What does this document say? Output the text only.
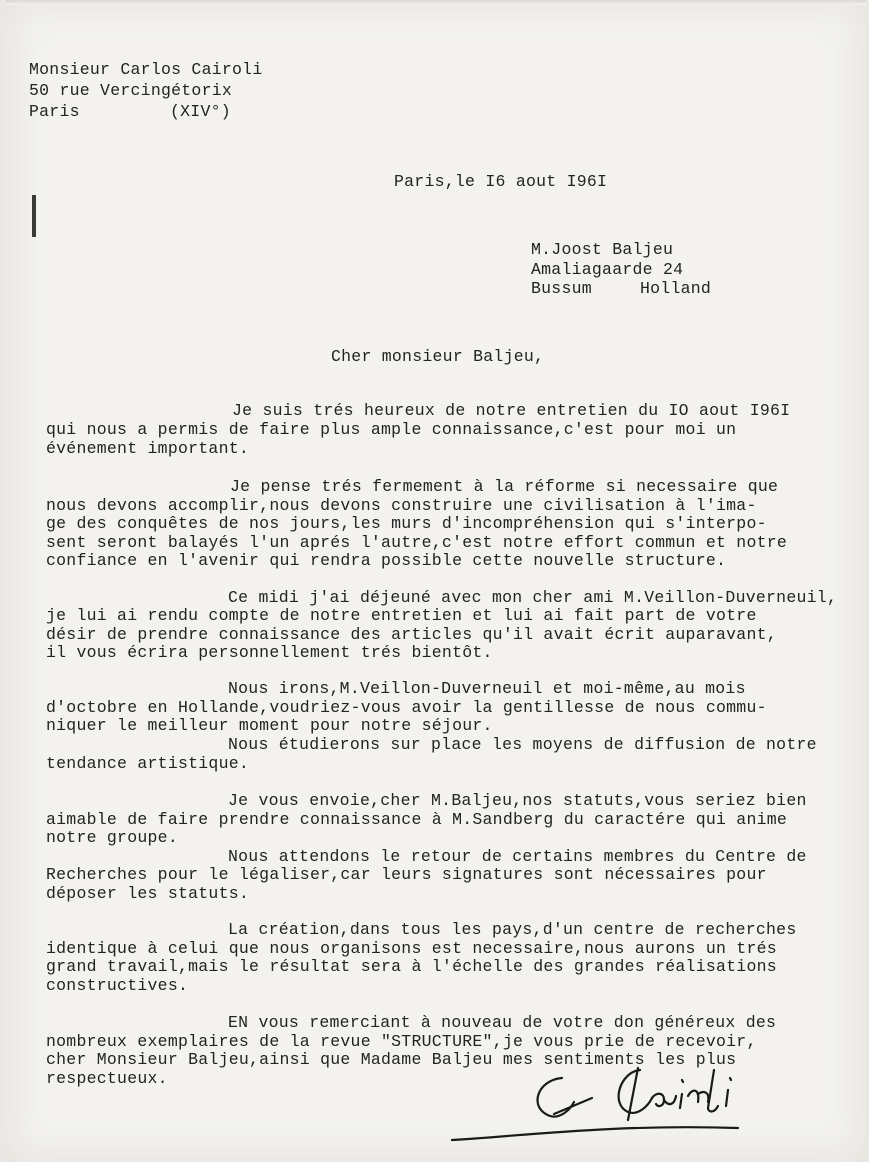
Monsieur Carlos Cairoli
50 rue Vercingétorix
Paris	(XIV°)
Paris,le I6 aout I96I
M.Joost Baljeu
Amaliagaarde 24
Bussum	Holland
Cher monsieur Baljeu,
Je suis trés heureux de notre entretien du IO aout I96I
qui nous a permis de faire plus ample connaissance,c'est pour moi un
événement important.
Je pense trés fermement à la réforme si necessaire que
nous devons accomplir,nous devons construire une civilisation à l'ima-
ge des conquêtes de nos jours,les murs d'incompréhension qui s'interpo-
sent seront balayés l'un aprés l'autre,c'est notre effort commun et notre
confiance en l'avenir qui rendra possible cette nouvelle structure.
Ce midi j'ai déjeuné avec mon cher ami M.Veillon-Duverneuil,
je lui ai rendu compte de notre entretien et lui ai fait part de votre
désir de prendre connaissance des articles qu'il avait écrit auparavant,
il vous écrira personnellement trés bientôt.
Nous irons,M.Veillon-Duverneuil et moi-même,au mois
d'octobre en Hollande,voudriez-vous avoir la gentillesse de nous commu-
niquer le meilleur moment pour notre séjour.
Nous étudierons sur place les moyens de diffusion de notre
tendance artistique.
Je vous envoie,cher M.Baljeu,nos statuts,vous seriez bien
aimable de faire prendre connaissance à M.Sandberg du caractére qui anime
notre groupe.
Nous attendons le retour de certains membres du Centre de
Recherches pour le légaliser,car leurs signatures sont nécessaires pour
déposer les statuts.
La création,dans tous les pays,d'un centre de recherches
identique à celui que nous organisons est necessaire,nous aurons un trés
grand travail,mais le résultat sera à l'échelle des grandes réalisations
constructives.
EN vous remerciant à nouveau de votre don généreux des
nombreux exemplaires de la revue "STRUCTURE",je vous prie de recevoir,
cher Monsieur Baljeu,ainsi que Madame Baljeu mes sentiments les plus
respectueux.
